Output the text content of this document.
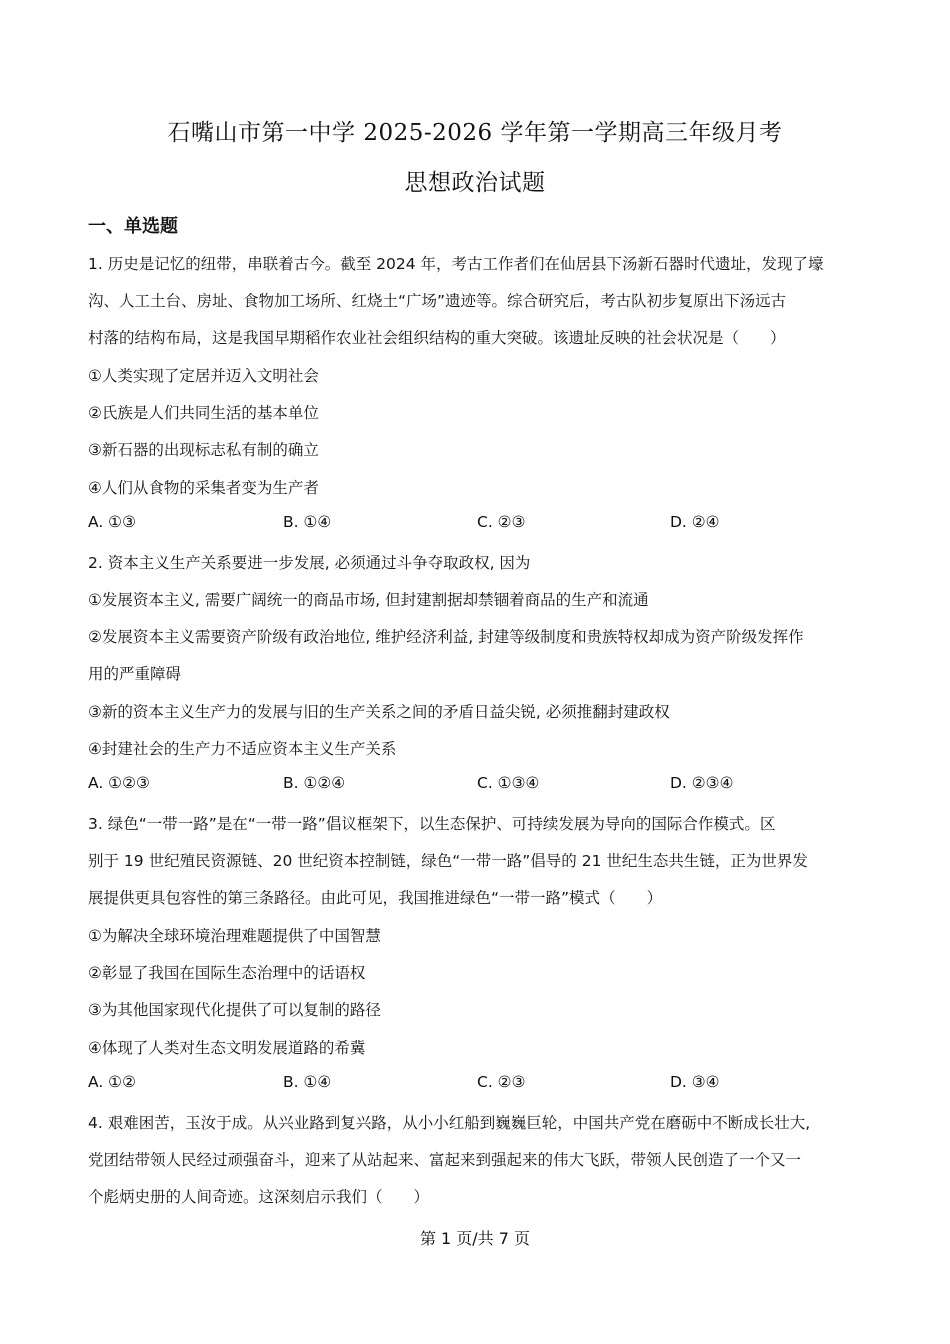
石嘴山市第一中学 2025-2026 学年第一学期高三年级月考
思想政治试题
一、单选题
1. 历史是记忆的纽带，串联着古今。截至 2024 年，考古工作者们在仙居县下汤新石器时代遗址，发现了壕
沟、人工土台、房址、食物加工场所、红烧土“广场”遗迹等。综合研究后，考古队初步复原出下汤远古
村落的结构布局，这是我国早期稻作农业社会组织结构的重大突破。该遗址反映的社会状况是（　　）
①人类实现了定居并迈入文明社会
②氏族是人们共同生活的基本单位
③新石器的出现标志私有制的确立
④人们从食物的采集者变为生产者
A. ①③	B. ①④	C. ②③	D. ②④
2. 资本主义生产关系要进一步发展, 必须通过斗争夺取政权, 因为
①发展资本主义, 需要广阔统一的商品市场, 但封建割据却禁锢着商品的生产和流通
②发展资本主义需要资产阶级有政治地位, 维护经济利益, 封建等级制度和贵族特权却成为资产阶级发挥作
用的严重障碍
③新的资本主义生产力的发展与旧的生产关系之间的矛盾日益尖锐, 必须推翻封建政权
④封建社会的生产力不适应资本主义生产关系
A. ①②③	B. ①②④	C. ①③④	D. ②③④
3. 绿色“一带一路”是在“一带一路”倡议框架下，以生态保护、可持续发展为导向的国际合作模式。区
别于 19 世纪殖民资源链、20 世纪资本控制链，绿色“一带一路”倡导的 21 世纪生态共生链，正为世界发
展提供更具包容性的第三条路径。由此可见，我国推进绿色“一带一路”模式（　　）
①为解决全球环境治理难题提供了中国智慧
②彰显了我国在国际生态治理中的话语权
③为其他国家现代化提供了可以复制的路径
④体现了人类对生态文明发展道路的希冀
A. ①②	B. ①④	C. ②③	D. ③④
4. 艰难困苦，玉汝于成。从兴业路到复兴路，从小小红船到巍巍巨轮，中国共产党在磨砺中不断成长壮大,
党团结带领人民经过顽强奋斗，迎来了从站起来、富起来到强起来的伟大飞跃，带领人民创造了一个又一
个彪炳史册的人间奇迹。这深刻启示我们（　　）
第 1 页/共 7 页
